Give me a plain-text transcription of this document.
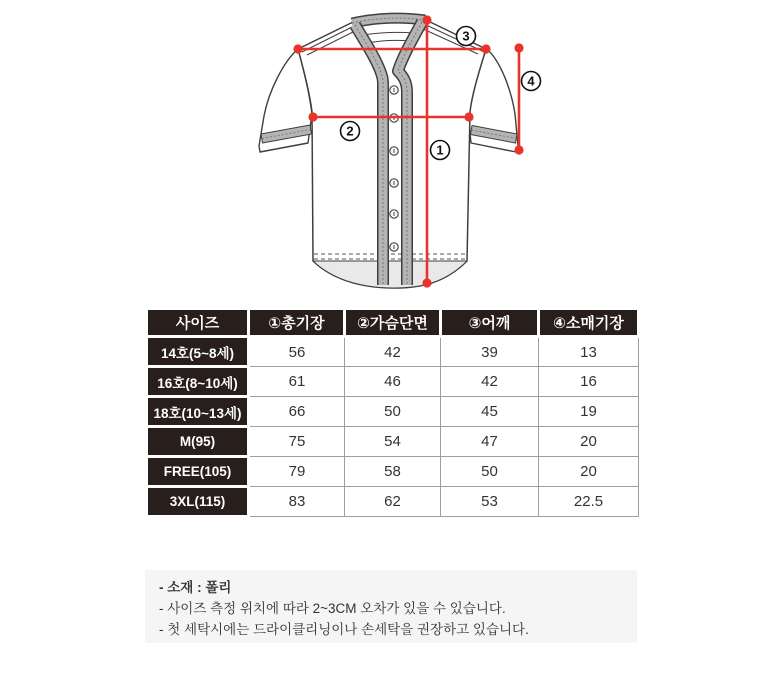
1
2
3
4
사이즈	①총기장	②가슴단면	③어깨	④소매기장
14호(5~8세)	56	42	39	13
16호(8~10세)	61	46	42	16
18호(10~13세)	66	50	45	19
M(95)	75	54	47	20
FREE(105)	79	58	50	20
3XL(115)	83	62	53	22.5
- 소재 : 폴리
- 사이즈 측정 위치에 따라 2~3CM 오차가 있을 수 있습니다.
- 첫 세탁시에는 드라이클리닝이나 손세탁을 권장하고 있습니다.
